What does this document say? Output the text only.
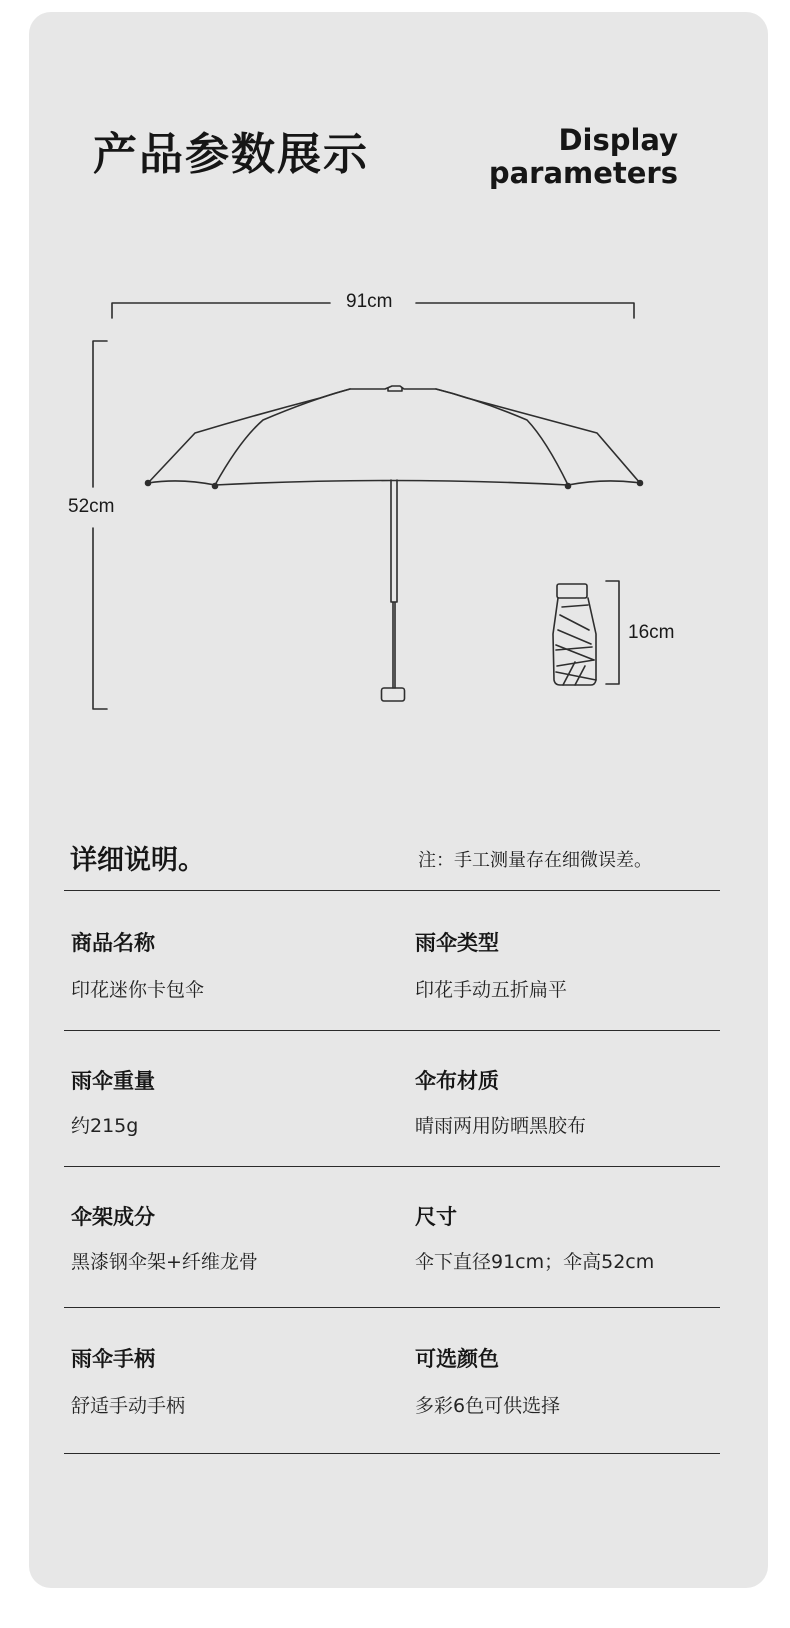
产品参数展示	Display
parameters
91cm
52cm
16cm
详细说明。	注：手工测量存在细微误差。
商品名称
印花迷你卡包伞
雨伞类型
印花手动五折扁平
雨伞重量
约215g
伞布材质
晴雨两用防晒黑胶布
伞架成分
黑漆钢伞架+纤维龙骨
尺寸
伞下直径91cm；伞高52cm
雨伞手柄
舒适手动手柄
可选颜色
多彩6色可供选择
